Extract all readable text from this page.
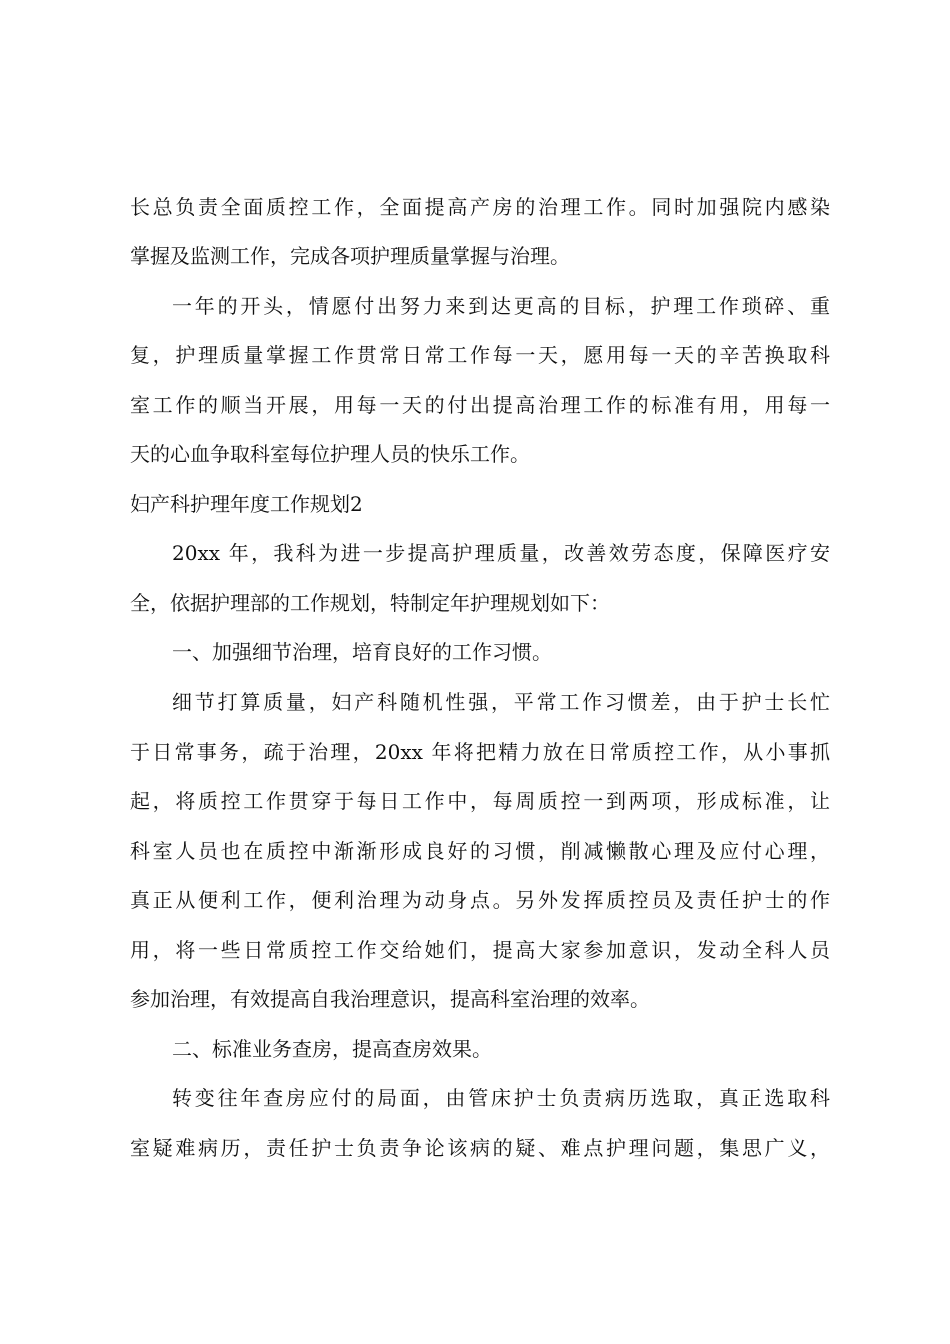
长总负责全面质控工作，全面提高产房的治理工作。同时加强院内感染
掌握及监测工作，完成各项护理质量掌握与治理。
一年的开头，情愿付出努力来到达更高的目标，护理工作琐碎、重
复，护理质量掌握工作贯常日常工作每一天，愿用每一天的辛苦换取科
室工作的顺当开展，用每一天的付出提高治理工作的标准有用，用每一
天的心血争取科室每位护理人员的快乐工作。
妇产科护理年度工作规划2
20xx 年，我科为进一步提高护理质量，改善效劳态度，保障医疗安
全，依据护理部的工作规划，特制定年护理规划如下：
一、加强细节治理，培育良好的工作习惯。
细节打算质量，妇产科随机性强，平常工作习惯差，由于护士长忙
于日常事务，疏于治理，20xx 年将把精力放在日常质控工作，从小事抓
起，将质控工作贯穿于每日工作中，每周质控一到两项，形成标准，让
科室人员也在质控中渐渐形成良好的习惯，削减懒散心理及应付心理，
真正从便利工作，便利治理为动身点。另外发挥质控员及责任护士的作
用，将一些日常质控工作交给她们，提高大家参加意识，发动全科人员
参加治理，有效提高自我治理意识，提高科室治理的效率。
二、标准业务查房，提高查房效果。
转变往年查房应付的局面，由管床护士负责病历选取，真正选取科
室疑难病历，责任护士负责争论该病的疑、难点护理问题，集思广义，
